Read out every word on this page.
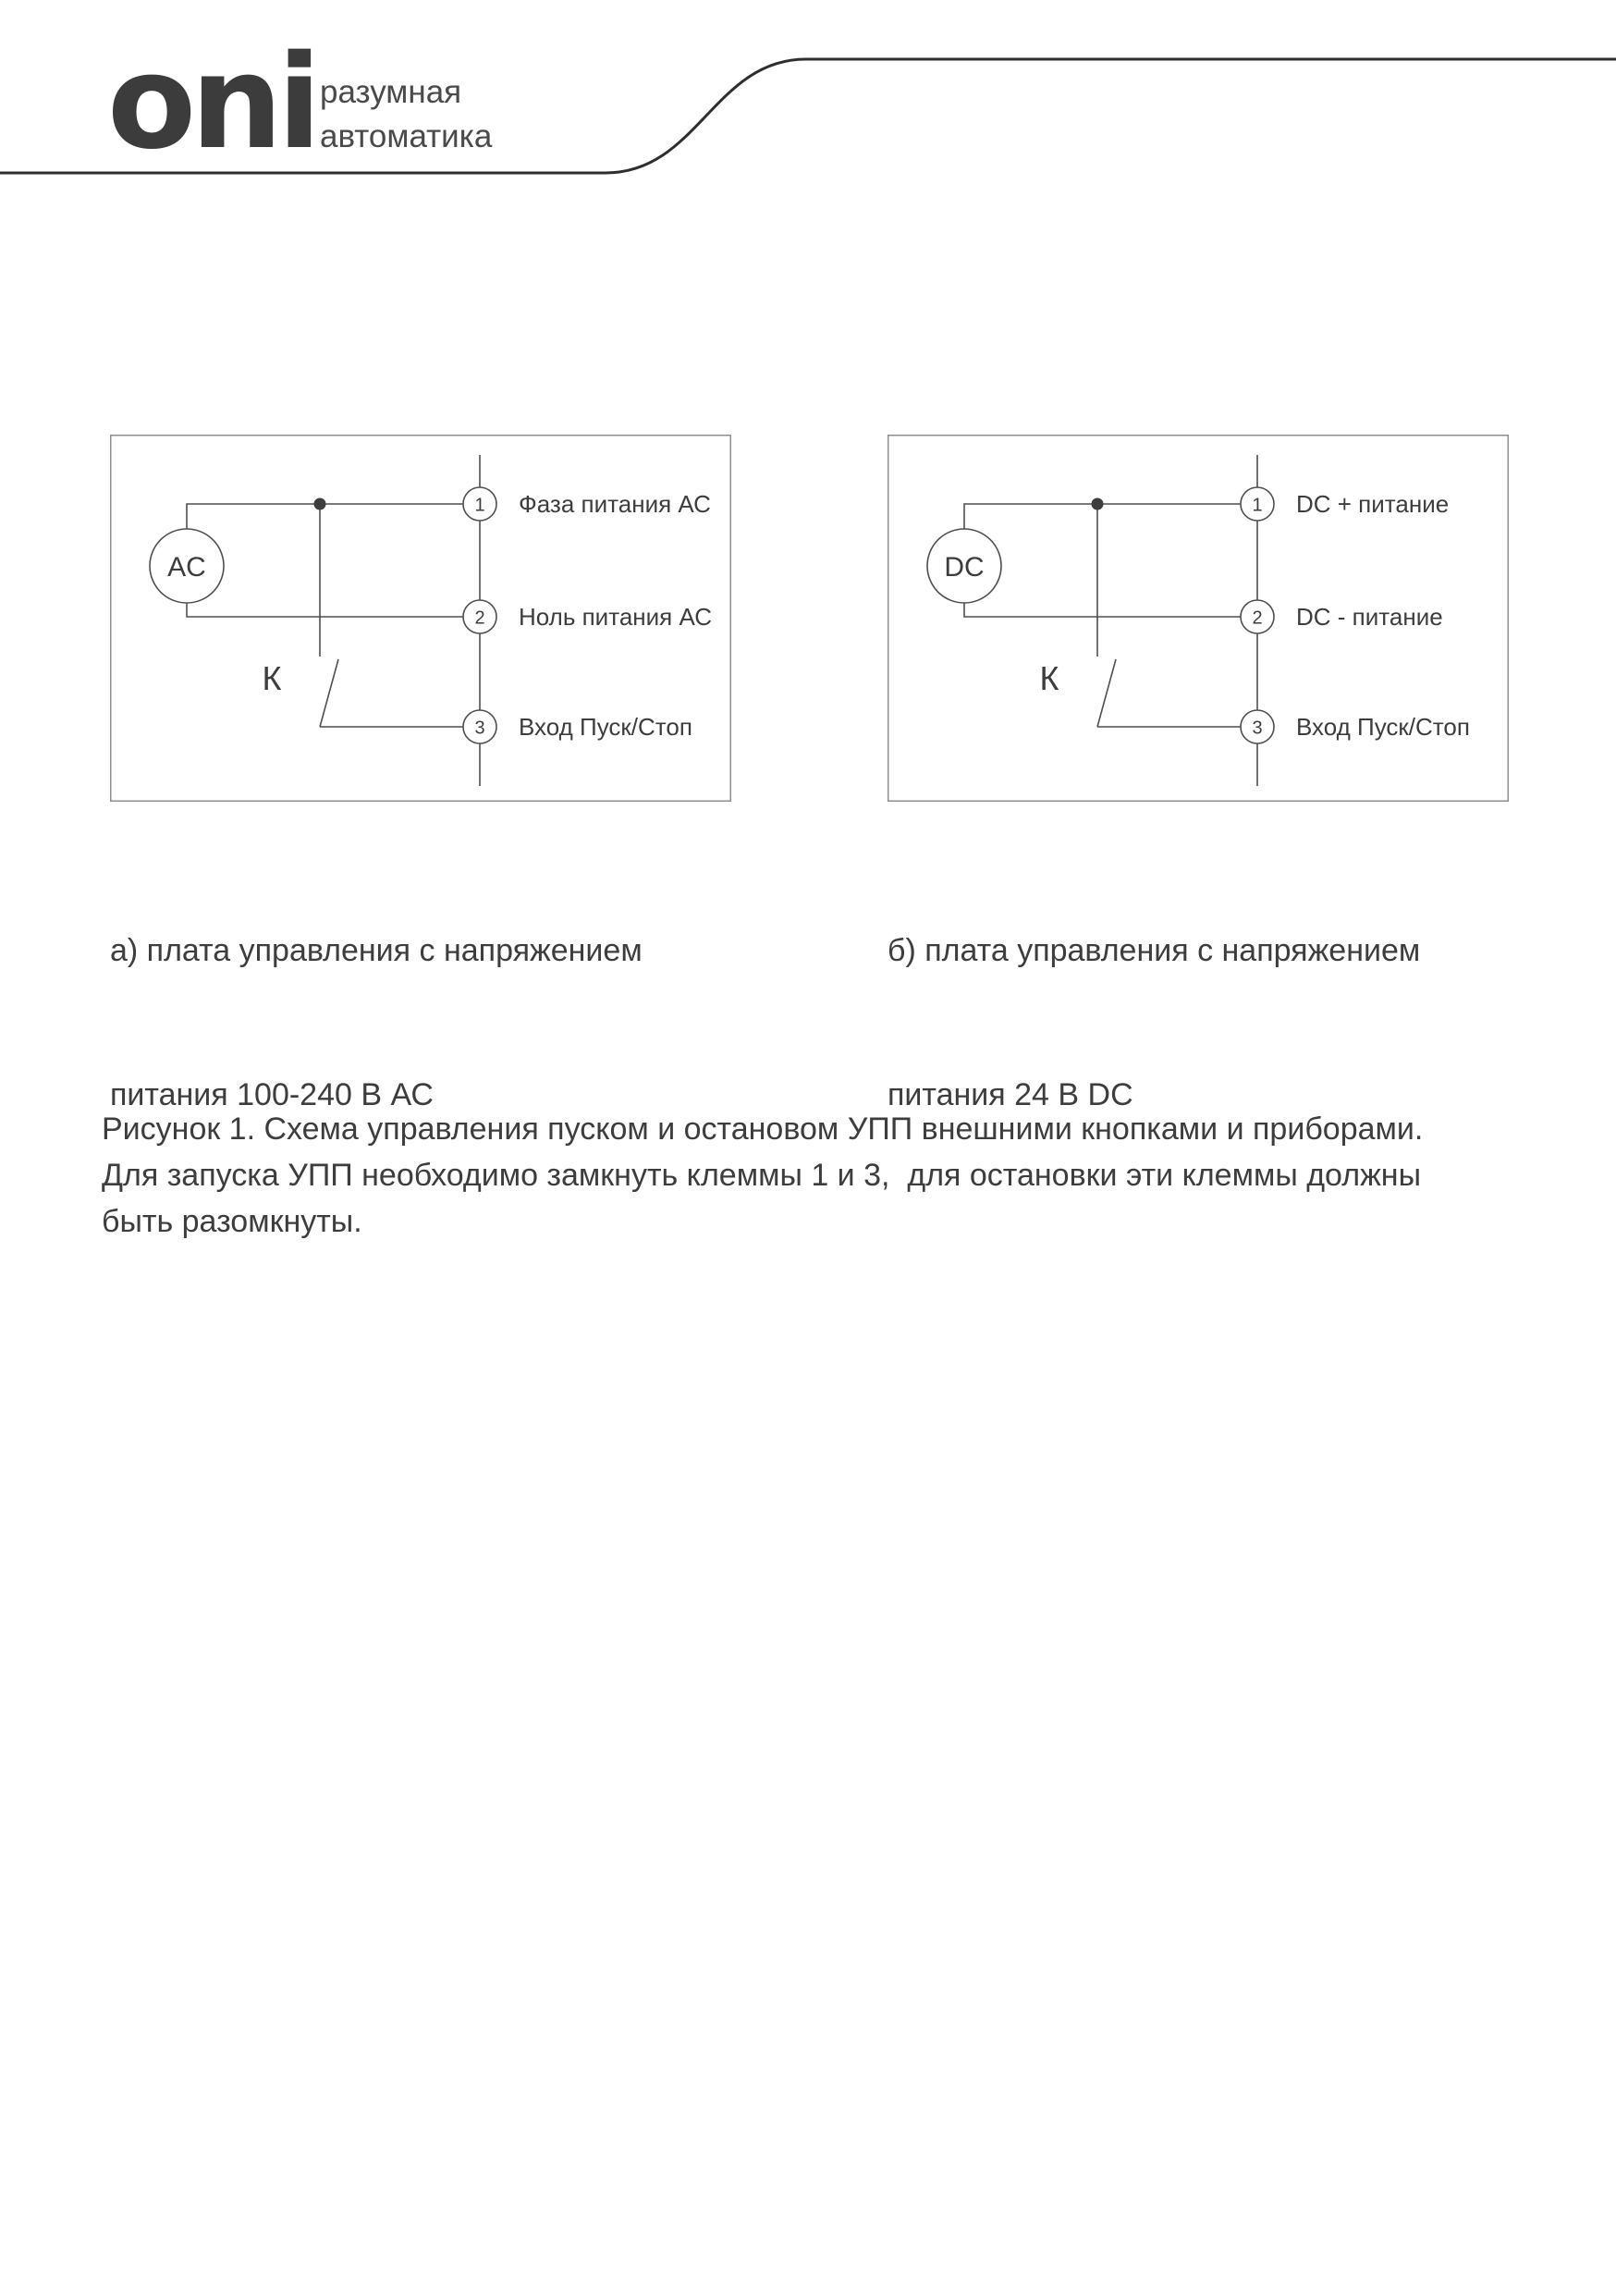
oni разумная
автоматика
AC
К
1 Фаза питания АС
2 Ноль питания АС
3 Вход Пуск/Стоп
DC
К
1 DC + питание
2 DC - питание
3 Вход Пуск/Стоп

а) плата управления с напряжением

питания 100-240 В АС

б) плата управления с напряжением

питания 24 В DC

Рисунок 1. Схема управления пуском и остановом УПП внешними кнопками и приборами.
Для запуска УПП необходимо замкнуть клеммы 1 и 3,  для остановки эти клеммы должны
быть разомкнуты.
